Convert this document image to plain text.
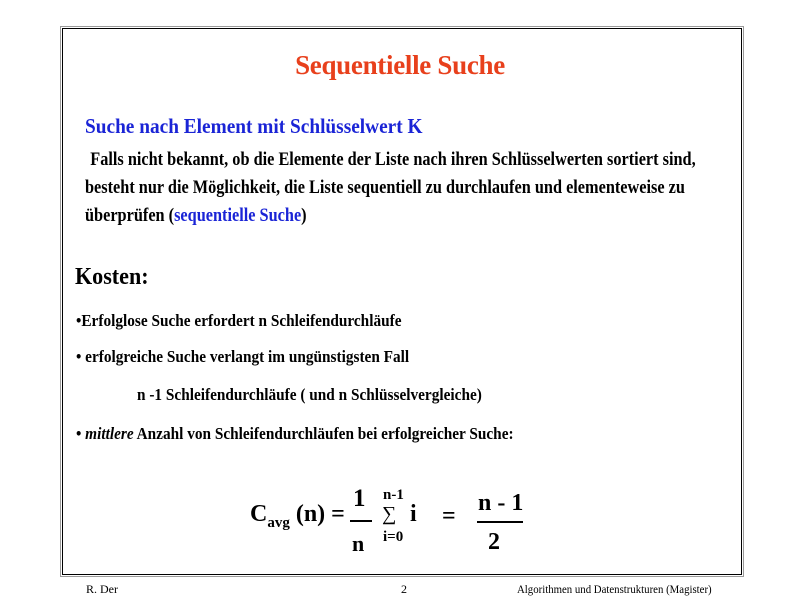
Sequentielle Suche
Suche nach Element mit Schlüsselwert K
Falls nicht bekannt, ob die Elemente der Liste nach ihren Schlüsselwerten sortiert sind, besteht nur die Möglichkeit, die Liste sequentiell zu durchlaufen und elementeweise zu überprüfen (sequentielle Suche)
Kosten:
•Erfolglose Suche erfordert n Schleifendurchläufe
• erfolgreiche Suche verlangt im ungünstigsten Fall
n -1 Schleifendurchläufe ( und n Schlüsselvergleiche)
• mittlere Anzahl von Schleifendurchläufen bei erfolgreicher Suche:
$C_{avg}$ (n) =
1
n
n-1
∑ i
i=0
= n - 1
2
R. Der	2	Algorithmen und Datenstrukturen (Magister)
